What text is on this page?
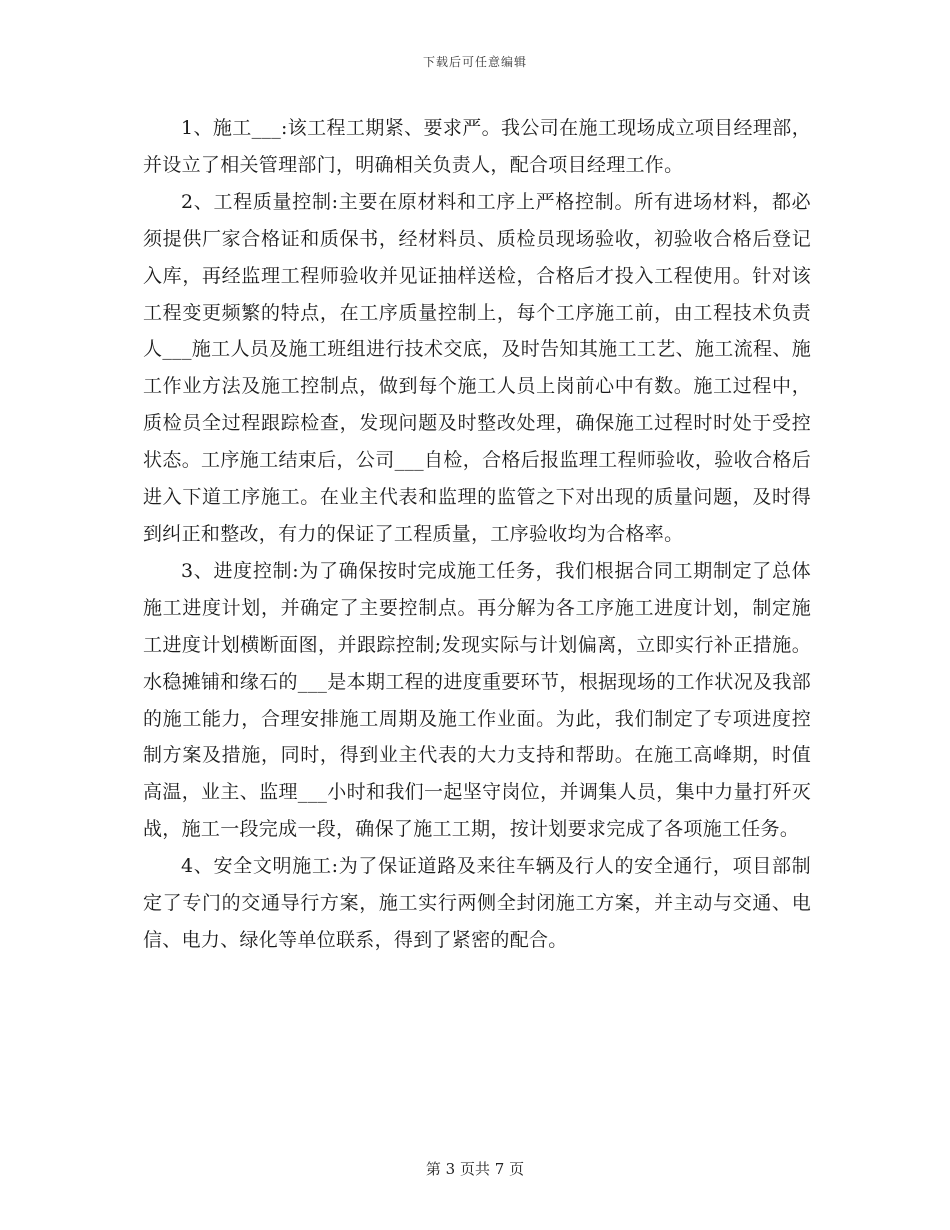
下载后可任意编辑

1、施工___:该工程工期紧、要求严。我公司在施工现场成立项目经理部，并设立了相关管理部门，明确相关负责人，配合项目经理工作。

2、工程质量控制:主要在原材料和工序上严格控制。所有进场材料，都必须提供厂家合格证和质保书，经材料员、质检员现场验收，初验收合格后登记入库，再经监理工程师验收并见证抽样送检，合格后才投入工程使用。针对该工程变更频繁的特点，在工序质量控制上，每个工序施工前，由工程技术负责人___施工人员及施工班组进行技术交底，及时告知其施工工艺、施工流程、施工作业方法及施工控制点，做到每个施工人员上岗前心中有数。施工过程中，质检员全过程跟踪检查，发现问题及时整改处理，确保施工过程时时处于受控状态。工序施工结束后，公司___自检，合格后报监理工程师验收，验收合格后进入下道工序施工。在业主代表和监理的监管之下对出现的质量问题，及时得到纠正和整改，有力的保证了工程质量，工序验收均为合格率。

3、进度控制:为了确保按时完成施工任务，我们根据合同工期制定了总体施工进度计划，并确定了主要控制点。再分解为各工序施工进度计划，制定施工进度计划横断面图，并跟踪控制;发现实际与计划偏离，立即实行补正措施。水稳摊铺和缘石的___是本期工程的进度重要环节，根据现场的工作状况及我部的施工能力，合理安排施工周期及施工作业面。为此，我们制定了专项进度控制方案及措施，同时，得到业主代表的大力支持和帮助。在施工高峰期，时值高温，业主、监理___小时和我们一起坚守岗位，并调集人员，集中力量打歼灭战，施工一段完成一段，确保了施工工期，按计划要求完成了各项施工任务。

4、安全文明施工:为了保证道路及来往车辆及行人的安全通行，项目部制定了专门的交通导行方案，施工实行两侧全封闭施工方案，并主动与交通、电信、电力、绿化等单位联系，得到了紧密的配合。

第 3 页共 7 页
